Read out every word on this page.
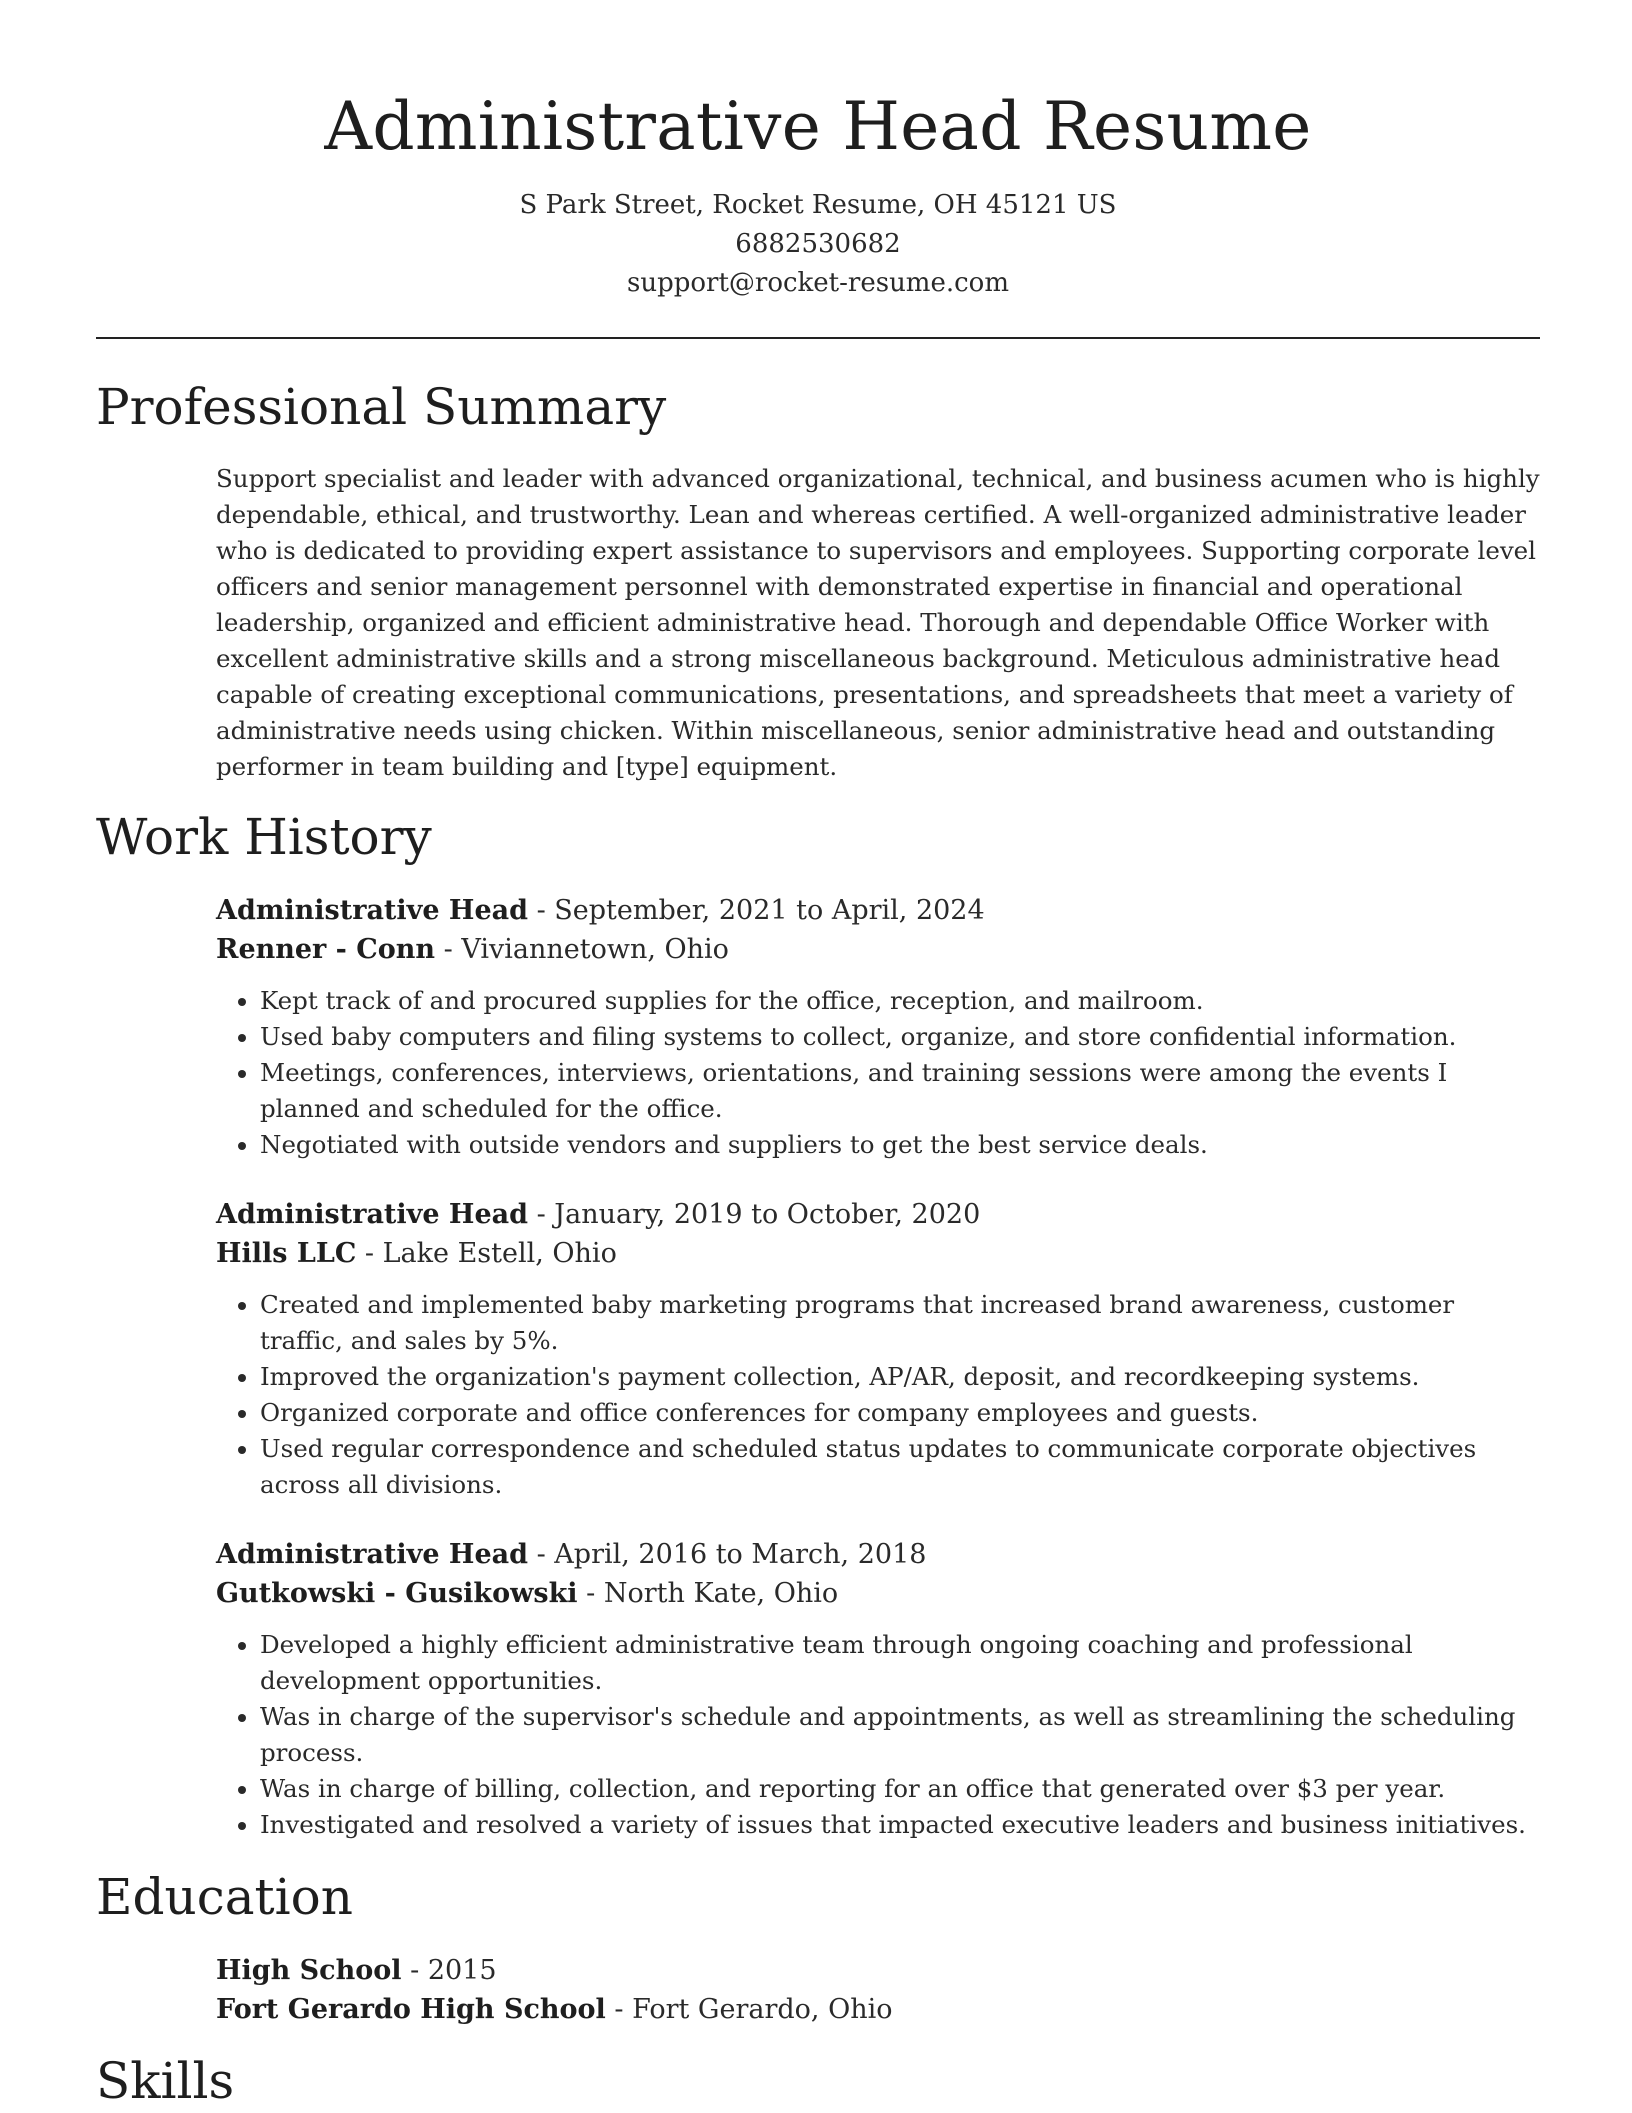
Administrative Head Resume
S Park Street, Rocket Resume, OH 45121 US
6882530682
support@rocket-resume.com
Professional Summary

Support specialist and leader with advanced organizational, technical, and business acumen who is highly dependable, ethical, and trustworthy. Lean and whereas certified. A well-organized administrative leader who is dedicated to providing expert assistance to supervisors and employees. Supporting corporate level officers and senior management personnel with demonstrated expertise in financial and operational leadership, organized and efficient administrative head. Thorough and dependable Office Worker with excellent administrative skills and a strong miscellaneous background. Meticulous administrative head capable of creating exceptional communications, presentations, and spreadsheets that meet a variety of administrative needs using chicken. Within miscellaneous, senior administrative head and outstanding performer in team building and [type] equipment.

Work History
Administrative Head - September, 2021 to April, 2024
Renner - Conn - Viviannetown, Ohio
• Kept track of and procured supplies for the office, reception, and mailroom.
• Used baby computers and filing systems to collect, organize, and store confidential information.
• Meetings, conferences, interviews, orientations, and training sessions were among the events I planned and scheduled for the office.
• Negotiated with outside vendors and suppliers to get the best service deals.
Administrative Head - January, 2019 to October, 2020
Hills LLC - Lake Estell, Ohio
• Created and implemented baby marketing programs that increased brand awareness, customer traffic, and sales by 5%.
• Improved the organization's payment collection, AP/AR, deposit, and recordkeeping systems.
• Organized corporate and office conferences for company employees and guests.
• Used regular correspondence and scheduled status updates to communicate corporate objectives across all divisions.
Administrative Head - April, 2016 to March, 2018
Gutkowski - Gusikowski - North Kate, Ohio
• Developed a highly efficient administrative team through ongoing coaching and professional development opportunities.
• Was in charge of the supervisor's schedule and appointments, as well as streamlining the scheduling process.
• Was in charge of billing, collection, and reporting for an office that generated over $3 per year.
• Investigated and resolved a variety of issues that impacted executive leaders and business initiatives.
Education
High School - 2015
Fort Gerardo High School - Fort Gerardo, Ohio
Skills
